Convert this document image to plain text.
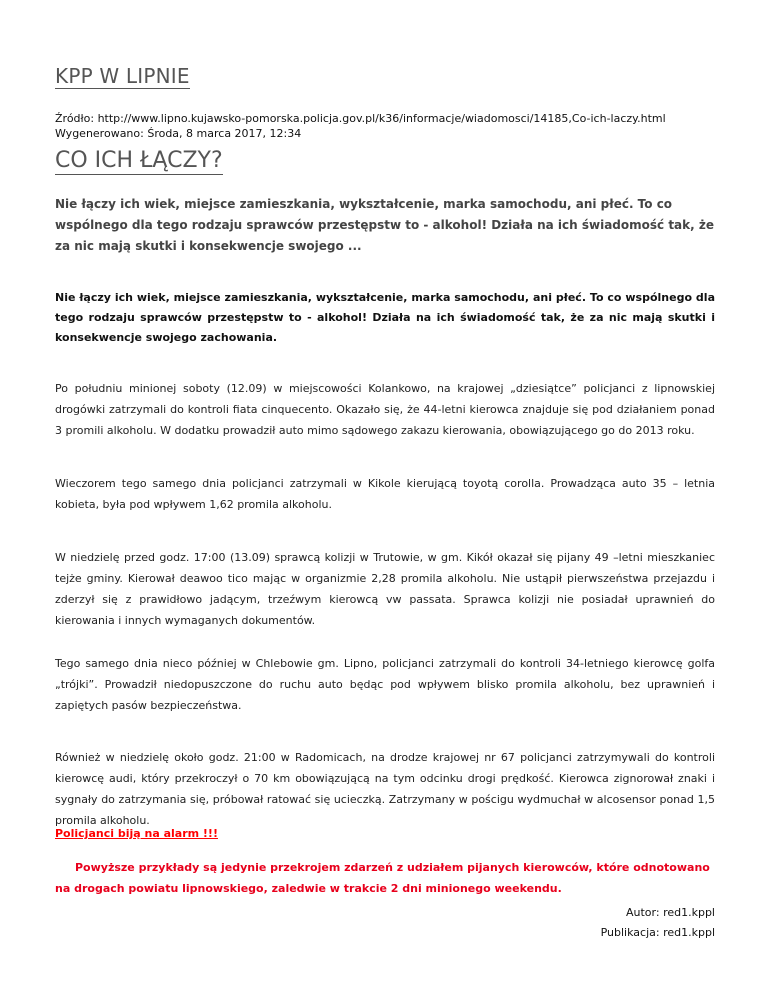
KPP W LIPNIE
Źródło: http://www.lipno.kujawsko-pomorska.policja.gov.pl/k36/informacje/wiadomosci/14185,Co-ich-laczy.html
Wygenerowano: Środa, 8 marca 2017, 12:34
CO ICH ŁĄCZY?
Nie łączy ich wiek, miejsce zamieszkania, wykształcenie, marka samochodu, ani płeć. To co wspólnego dla tego rodzaju sprawców przestępstw to - alkohol! Działa na ich świadomość tak, że za nic mają skutki i konsekwencje swojego ...
Nie łączy ich wiek, miejsce zamieszkania, wykształcenie, marka samochodu, ani płeć. To co wspólnego dla tego rodzaju sprawców przestępstw to - alkohol! Działa na ich świadomość tak, że za nic mają skutki i konsekwencje swojego zachowania.
Po południu minionej soboty (12.09) w miejscowości Kolankowo, na krajowej „dziesiątce” policjanci z lipnowskiej drogówki zatrzymali do kontroli fiata cinquecento. Okazało się, że 44-letni kierowca znajduje się pod działaniem ponad 3 promili alkoholu. W dodatku prowadził auto mimo sądowego zakazu kierowania, obowiązującego go do 2013 roku.
Wieczorem tego samego dnia policjanci zatrzymali w Kikole kierującą toyotą corolla. Prowadząca auto 35 – letnia kobieta, była pod wpływem 1,62 promila alkoholu.
W niedzielę przed godz. 17:00 (13.09) sprawcą kolizji w Trutowie, w gm. Kikół okazał się pijany 49 –letni mieszkaniec tejże gminy. Kierował deawoo tico mając w organizmie 2,28 promila alkoholu. Nie ustąpił pierwszeństwa przejazdu i zderzył się z prawidłowo jadącym, trzeźwym kierowcą vw passata. Sprawca kolizji nie posiadał uprawnień do kierowania i innych wymaganych dokumentów.
Tego samego dnia nieco później w Chlebowie gm. Lipno, policjanci zatrzymali do kontroli 34-letniego kierowcę golfa „trójki”. Prowadził niedopuszczone do ruchu auto będąc pod wpływem blisko promila alkoholu, bez uprawnień i zapiętych pasów bezpieczeństwa.
Również w niedzielę około godz. 21:00 w Radomicach, na drodze krajowej nr 67 policjanci zatrzymywali do kontroli kierowcę audi, który przekroczył o 70 km obowiązującą na tym odcinku drogi prędkość. Kierowca zignorował znaki i sygnały do zatrzymania się, próbował ratować się ucieczką. Zatrzymany w pościgu wydmuchał w alcosensor ponad 1,5 promila alkoholu.
Policjanci biją na alarm !!!
Powyższe przykłady są jedynie przekrojem zdarzeń z udziałem pijanych kierowców, które odnotowano na drogach powiatu lipnowskiego, zaledwie w trakcie 2 dni minionego weekendu.
Autor: red1.kppl
Publikacja: red1.kppl
